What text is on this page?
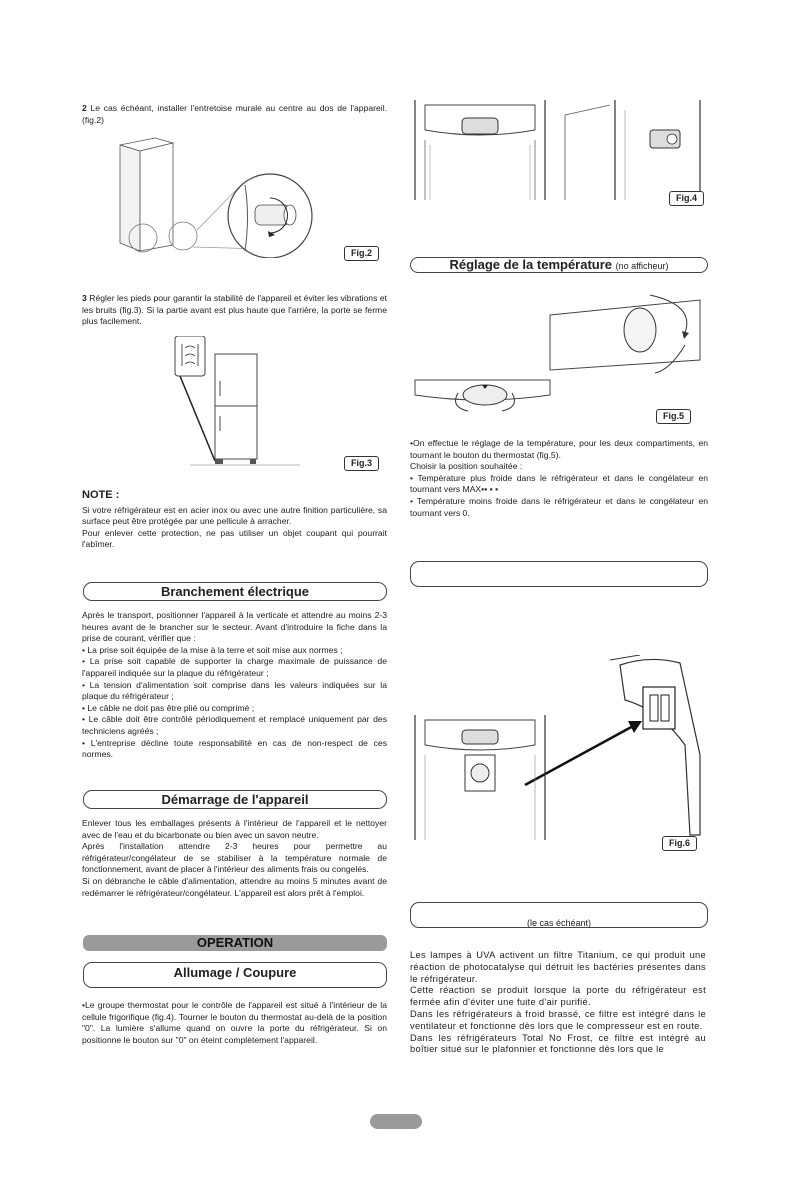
2 Le cas échéant, installer l'entretoise murale au centre au dos de l'appareil. (fig.2)
Fig.2
3 Régler les pieds pour garantir la stabilité de l'appareil et éviter les vibrations et les bruits (fig.3). Si la partie avant est plus haute que l'arrière, la porte se ferme plus facilement.
Fig.3

NOTE :

Si votre réfrigérateur est en acier inox ou avec une autre finition particulière, sa surface peut être protégée par une pellicule à arracher.

Pour enlever cette protection, ne pas utiliser un objet coupant qui pourrait l'abîmer.

Branchement électrique

Après le transport, positionner l'appareil à la verticale et attendre au moins 2-3 heures avant de le brancher sur le secteur. Avant d'introduire la fiche dans la prise de courant, vérifier que :

• La prise soit équipée de la mise à la terre et soit mise aux normes ;

• La prise soit capable de supporter la charge maximale de puissance de l'appareil indiquée sur la plaque du réfrigérateur ;

• La tension d'alimentation soit comprise dans les valeurs indiquées sur la plaque du réfrigérateur ;

• Le câble ne doit pas être plié ou comprimé ;

• Le câble doit être contrôlé périodiquement et remplacé uniquement par des techniciens agréés ;

• L'entreprise décline toute responsabilité en cas de non-respect de ces normes.

Démarrage de l'appareil

Enlever tous les emballages présents à l'intérieur de l'appareil et le nettoyer avec de l'eau et du bicarbonate ou bien avec un savon neutre.

Après l'installation attendre 2-3 heures pour permettre au réfrigérateur/congélateur de se stabiliser à la température normale de fonctionnement, avant de placer à l'intérieur des aliments frais ou congelés.

Si on débranche le câble d'alimentation, attendre au moins 5 minutes avant de redémarrer le réfrigérateur/congélateur. L'appareil est alors prêt à l'emploi.

OPERATION
Allumage / Coupure

•Le groupe thermostat pour le contrôle de l'appareil est situé à l'intérieur de la cellule frigorifique (fig.4). Tourner le bouton du thermostat au-delà de la position "0". La lumière s'allume quand on ouvre la porte du réfrigérateur. Si on positionne le bouton sur "0" on éteint complètement l'appareil.

Fig.4
Réglage de la température (no afficheur)
Fig.5

•On effectue le réglage de la température, pour les deux compartiments, en tournant le bouton du thermostat (fig.5).

Choisir la position souhaitée :

• Température plus froide dans le réfrigérateur et dans le congélateur en tournant vers MAX▪▪ ▪ ▪

• Température moins froide dans le réfrigérateur et dans le congélateur en tournant vers 0.

Fig.6
(le cas échéant)

Les lampes à UVA activent un filtre Titanium, ce qui produit une réaction de photocatalyse qui détruit les bactéries présentes dans le réfrigérateur.

Cette réaction se produit lorsque la porte du réfrigérateur est fermée afin d'éviter une fuite d'air purifié.

Dans les réfrigérateurs à froid brassé, ce filtre est intégré dans le ventilateur et fonctionne dès lors que le compresseur est en route.

Dans les réfrigérateurs Total No Frost, ce filtre est intégré au boîtier situé sur le plafonnier et fonctionne dès lors que le
